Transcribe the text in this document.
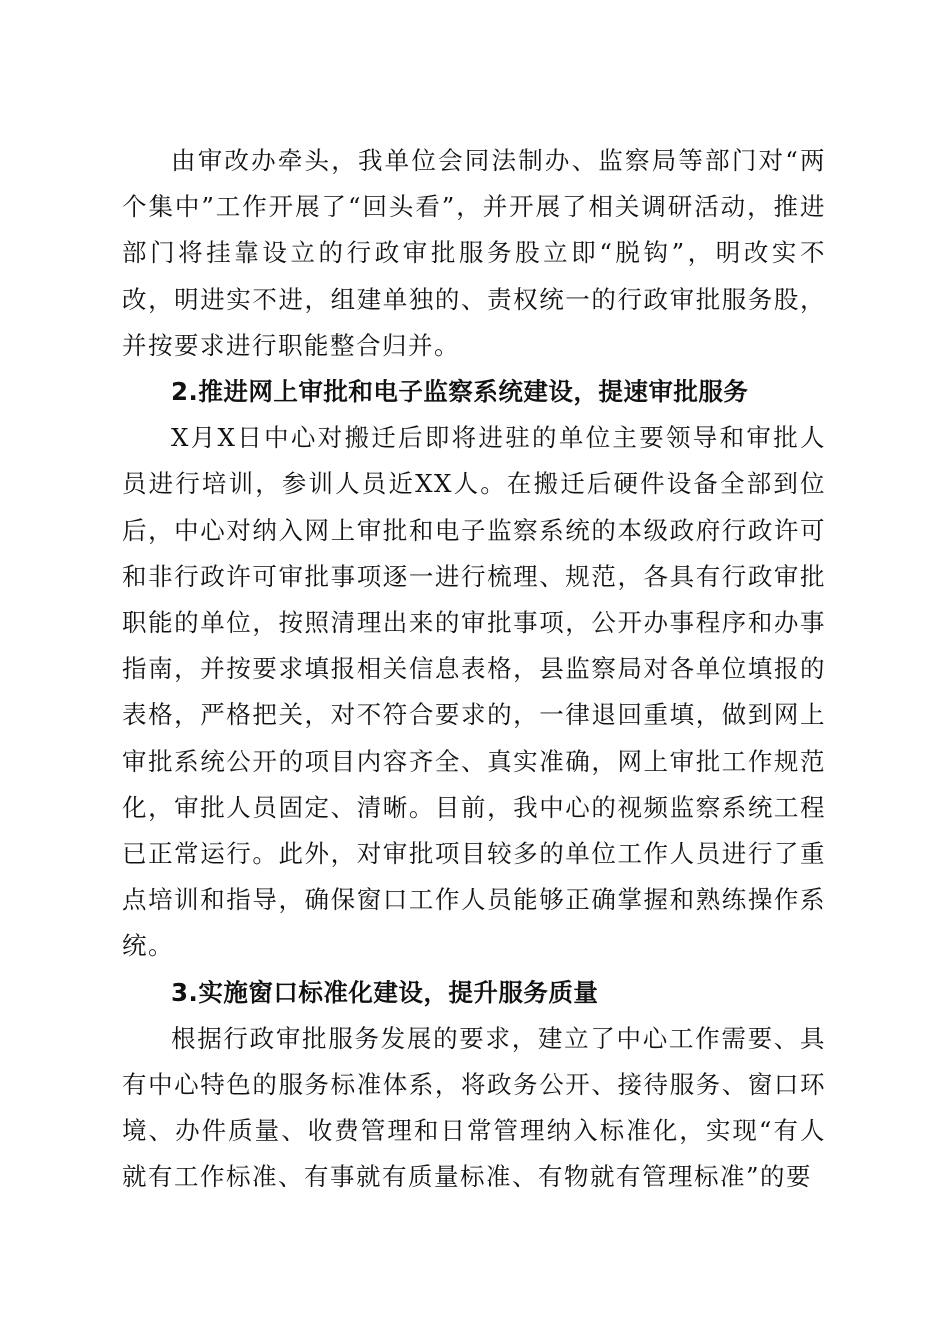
由审改办牵头，我单位会同法制办、监察局等部门对“两个集中”工作开展了“回头看”，并开展了相关调研活动，推进部门将挂靠设立的行政审批服务股立即“脱钩”，明改实不改，明进实不进，组建单独的、责权统一的行政审批服务股，并按要求进行职能整合归并。

2.推进网上审批和电子监察系统建设，提速审批服务

X月X日中心对搬迁后即将进驻的单位主要领导和审批人员进行培训，参训人员近XX人。在搬迁后硬件设备全部到位后，中心对纳入网上审批和电子监察系统的本级政府行政许可和非行政许可审批事项逐一进行梳理、规范，各具有行政审批职能的单位，按照清理出来的审批事项，公开办事程序和办事指南，并按要求填报相关信息表格，县监察局对各单位填报的表格，严格把关，对不符合要求的，一律退回重填，做到网上审批系统公开的项目内容齐全、真实准确，网上审批工作规范化，审批人员固定、清晰。目前，我中心的视频监察系统工程已正常运行。此外，对审批项目较多的单位工作人员进行了重点培训和指导，确保窗口工作人员能够正确掌握和熟练操作系统。

3.实施窗口标准化建设，提升服务质量

根据行政审批服务发展的要求，建立了中心工作需要、具有中心特色的服务标准体系，将政务公开、接待服务、窗口环境、办件质量、收费管理和日常管理纳入标准化，实现“有人就有工作标准、有事就有质量标准、有物就有管理标准”的要
